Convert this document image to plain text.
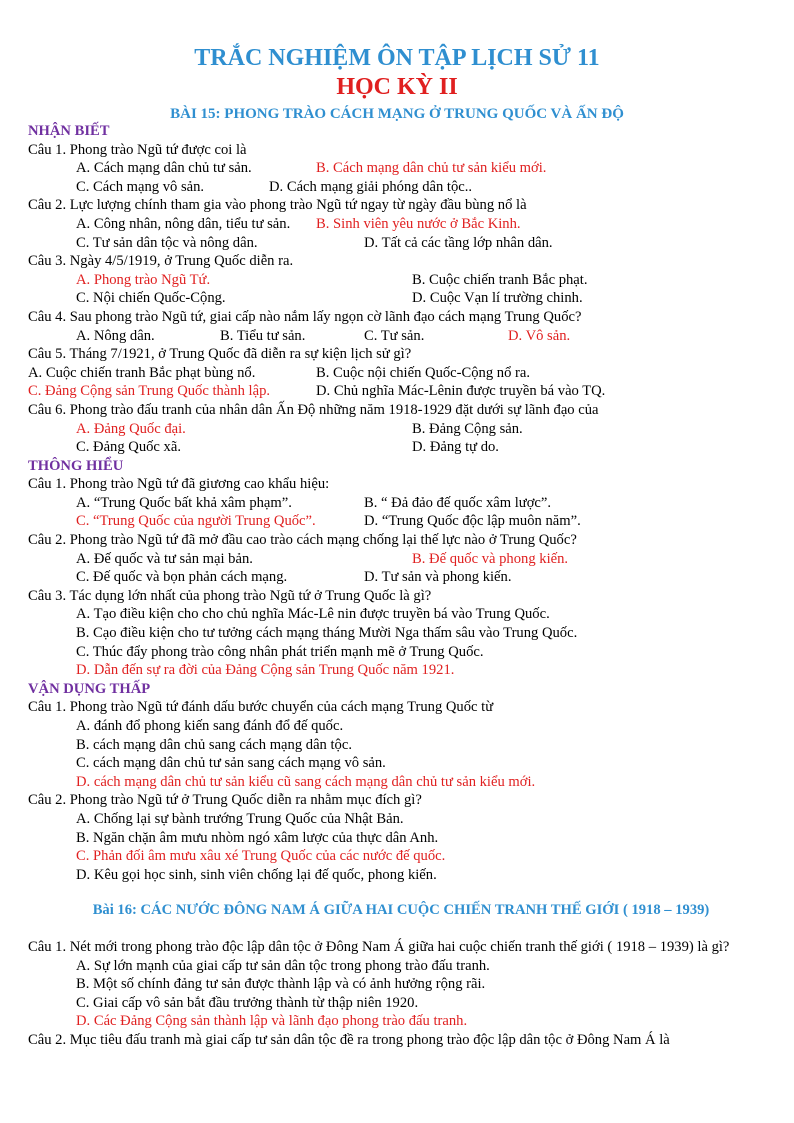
TRẮC NGHIỆM ÔN TẬP LỊCH SỬ 11
HỌC KỲ II
BÀI 15: PHONG TRÀO CÁCH MẠNG Ở TRUNG QUỐC VÀ ẤN ĐỘ
NHẬN BIẾT
Câu 1. Phong trào Ngũ tứ được coi là
A. Cách mạng dân chủ tư sản.	B. Cách mạng dân chủ tư sản kiểu mới.
C. Cách mạng vô sản.	D. Cách mạng giải phóng dân tộc..
Câu 2. Lực lượng chính tham gia vào phong trào Ngũ tứ ngay từ ngày đầu bùng nổ là
A. Công nhân, nông dân, tiểu tư sản. B. Sinh viên yêu nước ở Bắc Kinh.
C. Tư sản dân tộc và nông dân.	D. Tất cả các tầng lớp nhân dân.
Câu 3. Ngày 4/5/1919, ở Trung Quốc diễn ra.
A. Phong trào Ngũ Tứ.	B. Cuộc chiến tranh Bắc phạt.
C. Nội chiến Quốc-Cộng.	D. Cuộc Vạn lí trường chinh.
Câu 4. Sau phong trào Ngũ tứ, giai cấp nào nắm lấy ngọn cờ lãnh đạo cách mạng Trung Quốc?
A. Nông dân.	B. Tiểu tư sản.	C. Tư sản.	D. Vô sản.
Câu 5. Tháng 7/1921, ở Trung Quốc đã diễn ra sự kiện lịch sử gì?
A. Cuộc chiến tranh Bắc phạt bùng nổ.	B. Cuộc nội chiến Quốc-Cộng nổ ra.
C. Đảng Cộng sản Trung Quốc thành lập.	D. Chủ nghĩa Mác-Lênin được truyền bá vào TQ.
Câu 6. Phong trào đấu tranh của nhân dân Ấn Độ những năm 1918-1929 đặt dưới sự lãnh đạo của
A. Đảng Quốc đại.	B. Đảng Cộng sản.
C. Đảng Quốc xã.	D. Đảng tự do.
THÔNG HIỂU
Câu 1. Phong trào Ngũ tứ đã giương cao khẩu hiệu:
A. “Trung Quốc bất khả xâm phạm”.	B. “ Đả đảo đế quốc xâm lược”.
C. “Trung Quốc của người Trung Quốc”.	D. “Trung Quốc độc lập muôn năm”.
Câu 2. Phong trào Ngũ tứ đã mở đầu cao trào cách mạng chống lại thế lực nào ở Trung Quốc?
A. Đế quốc và tư sản mại bản.	B. Đế quốc và phong kiến.
C. Đế quốc và bọn phản cách mạng.	D. Tư sản và phong kiến.
Câu 3. Tác dụng lớn nhất của phong trào Ngũ tứ ở Trung Quốc là gì?
A. Tạo điều kiện cho cho chủ nghĩa Mác-Lê nin được truyền bá vào Trung Quốc.
B. Cạo điều kiện cho tư tưởng cách mạng tháng Mười Nga thấm sâu vào Trung Quốc.
C. Thúc đẩy phong trào công nhân phát triển mạnh mẽ ở Trung Quốc.
D. Dẫn đến sự ra đời của Đảng Cộng sản Trung Quốc năm 1921.
VẬN DỤNG THẤP
Câu 1. Phong trào Ngũ tứ đánh dấu bước chuyển của cách mạng Trung Quốc từ
A. đánh đổ phong kiến sang đánh đổ đế quốc.
B. cách mạng dân chủ sang cách mạng dân tộc.
C. cách mạng dân chủ tư sản sang cách mạng vô sản.
D. cách mạng dân chủ tư sản kiểu cũ sang cách mạng dân chủ tư sản kiểu mới.
Câu 2. Phong trào Ngũ tứ ở Trung Quốc diễn ra nhằm mục đích gì?
A. Chống lại sự bành trướng Trung Quốc của Nhật Bản.
B. Ngăn chặn âm mưu nhòm ngó xâm lược của thực dân Anh.
C. Phản đối âm mưu xâu xé Trung Quốc của các nước đế quốc.
D. Kêu gọi học sinh, sinh viên chống lại đế quốc, phong kiến.
Bài 16: CÁC NƯỚC ĐÔNG NAM Á GIỮA HAI CUỘC CHIẾN TRANH THẾ GIỚI ( 1918 – 1939)
Câu 1. Nét mới trong phong trào độc lập dân tộc ở Đông Nam Á giữa hai cuộc chiến tranh thế giới ( 1918 – 1939) là gì?
A. Sự lớn mạnh của giai cấp tư sản dân tộc trong phong trào đấu tranh.
B. Một số chính đảng tư sản được thành lập và có ảnh hưởng rộng rãi.
C. Giai cấp vô sản bắt đầu trưởng thành từ thập niên 1920.
D. Các Đảng Cộng sản thành lập và lãnh đạo phong trào đấu tranh.
Câu 2. Mục tiêu đấu tranh mà giai cấp tư sản dân tộc đề ra trong phong trào độc lập dân tộc ở Đông Nam Á là
